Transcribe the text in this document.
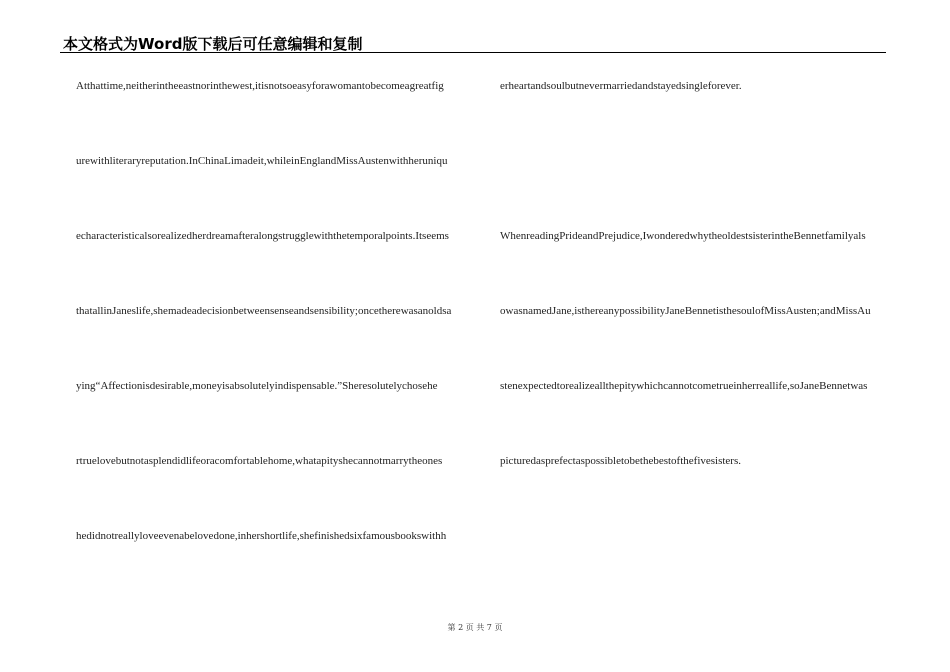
本文格式为Word版下载后可任意编辑和复制
Atthattime,neitherintheeastnorinthewest,itisnotsoeasyforawomantobecomeagreatfig
urewithliteraryreputation.InChinaLimadeit,whileinEnglandMissAustenwithheruniqu
echaracteristicalsorealizedherdreamafteralongstrugglewiththetemporalpoints.Itseems
thatallinJaneslife,shemadeadecisionbetweensenseandsensibility;oncetherewasanoldsa
ying“Affectionisdesirable,moneyisabsolutelyindispensable.”Sheresolutelychosehe
rtruelovebutnotasplendidlifeoracomfortablehome,whatapityshecannotmarrytheones
hedidnotreallyloveevenabelovedone,inhershortlife,shefinishedsixfamousbookswithh
erheartandsoulbutnevermarriedandstayedsingleforever.
WhenreadingPrideandPrejudice,IwonderedwhytheoldestsisterintheBennetfamilyals
owasnamedJane,isthereanypossibilityJaneBennetisthesoulofMissAusten;andMissAu
stenexpectedtorealizeallthepitywhichcannotcometrueinherreallife,soJaneBennetwas
picturedasprefectaspossibletobethebestofthefivesisters.
第 2 页 共 7 页
